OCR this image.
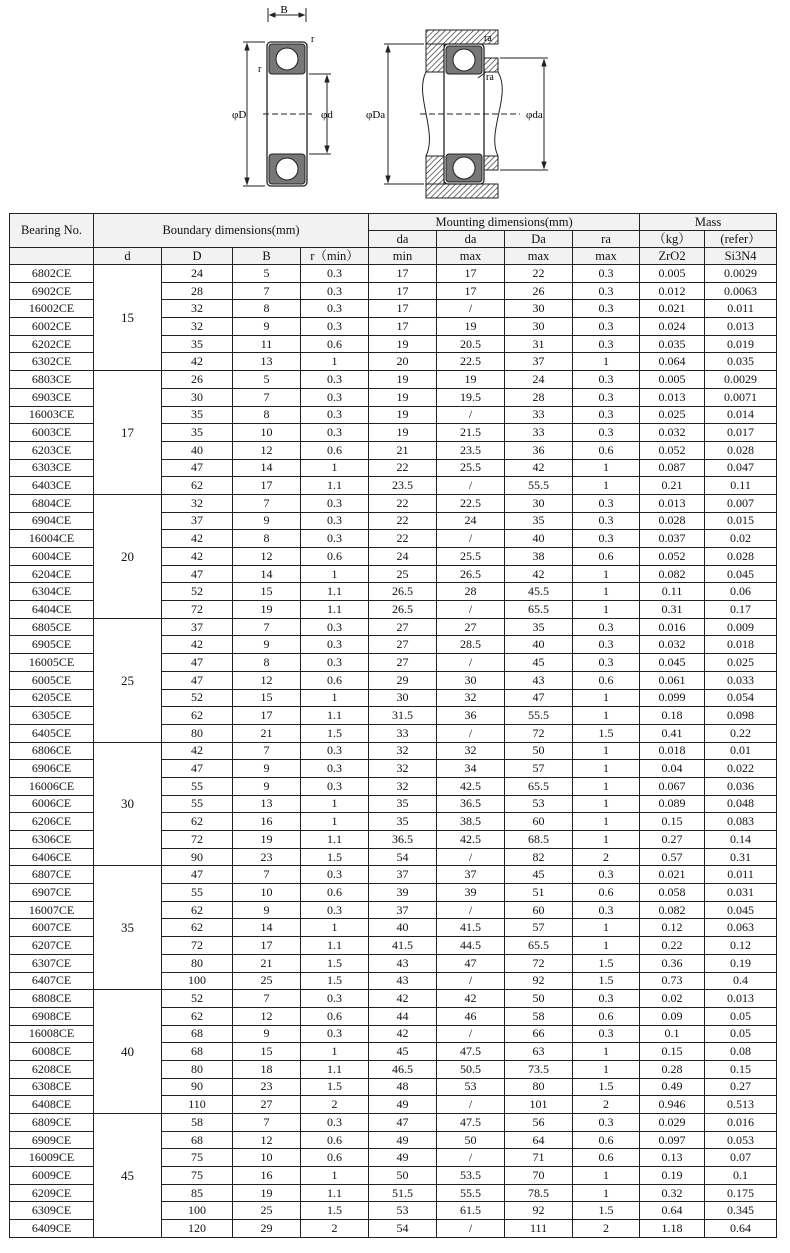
B
r
r
φD	φd
ra
ra
φDa	φda
Bearing No.	Boundary dimensions(mm)				Mounting dimensions(mm)				Mass	
					da	da	Da	ra	（kg）	(refer）
	d	D	B	r（min）	min	max	max	max	ZrO2	Si3N4
6802CE	15	24	5	0.3	17	17	22	0.3	0.005	0.0029
6902CE		28	7	0.3	17	17	26	0.3	0.012	0.0063
16002CE		32	8	0.3	17	/	30	0.3	0.021	0.011
6002CE		32	9	0.3	17	19	30	0.3	0.024	0.013
6202CE		35	11	0.6	19	20.5	31	0.3	0.035	0.019
6302CE		42	13	1	20	22.5	37	1	0.064	0.035
6803CE	17	26	5	0.3	19	19	24	0.3	0.005	0.0029
6903CE		30	7	0.3	19	19.5	28	0.3	0.013	0.0071
16003CE		35	8	0.3	19	/	33	0.3	0.025	0.014
6003CE		35	10	0.3	19	21.5	33	0.3	0.032	0.017
6203CE		40	12	0.6	21	23.5	36	0.6	0.052	0.028
6303CE		47	14	1	22	25.5	42	1	0.087	0.047
6403CE		62	17	1.1	23.5	/	55.5	1	0.21	0.11
6804CE	20	32	7	0.3	22	22.5	30	0.3	0.013	0.007
6904CE		37	9	0.3	22	24	35	0.3	0.028	0.015
16004CE		42	8	0.3	22	/	40	0.3	0.037	0.02
6004CE		42	12	0.6	24	25.5	38	0.6	0.052	0.028
6204CE		47	14	1	25	26.5	42	1	0.082	0.045
6304CE		52	15	1.1	26.5	28	45.5	1	0.11	0.06
6404CE		72	19	1.1	26.5	/	65.5	1	0.31	0.17
6805CE	25	37	7	0.3	27	27	35	0.3	0.016	0.009
6905CE		42	9	0.3	27	28.5	40	0.3	0.032	0.018
16005CE		47	8	0.3	27	/	45	0.3	0.045	0.025
6005CE		47	12	0.6	29	30	43	0.6	0.061	0.033
6205CE		52	15	1	30	32	47	1	0.099	0.054
6305CE		62	17	1.1	31.5	36	55.5	1	0.18	0.098
6405CE		80	21	1.5	33	/	72	1.5	0.41	0.22
6806CE	30	42	7	0.3	32	32	50	1	0.018	0.01
6906CE		47	9	0.3	32	34	57	1	0.04	0.022
16006CE		55	9	0.3	32	42.5	65.5	1	0.067	0.036
6006CE		55	13	1	35	36.5	53	1	0.089	0.048
6206CE		62	16	1	35	38.5	60	1	0.15	0.083
6306CE		72	19	1.1	36.5	42.5	68.5	1	0.27	0.14
6406CE		90	23	1.5	54	/	82	2	0.57	0.31
6807CE	35	47	7	0.3	37	37	45	0.3	0.021	0.011
6907CE		55	10	0.6	39	39	51	0.6	0.058	0.031
16007CE		62	9	0.3	37	/	60	0.3	0.082	0.045
6007CE		62	14	1	40	41.5	57	1	0.12	0.063
6207CE		72	17	1.1	41.5	44.5	65.5	1	0.22	0.12
6307CE		80	21	1.5	43	47	72	1.5	0.36	0.19
6407CE		100	25	1.5	43	/	92	1.5	0.73	0.4
6808CE	40	52	7	0.3	42	42	50	0.3	0.02	0.013
6908CE		62	12	0.6	44	46	58	0.6	0.09	0.05
16008CE		68	9	0.3	42	/	66	0.3	0.1	0.05
6008CE		68	15	1	45	47.5	63	1	0.15	0.08
6208CE		80	18	1.1	46.5	50.5	73.5	1	0.28	0.15
6308CE		90	23	1.5	48	53	80	1.5	0.49	0.27
6408CE		110	27	2	49	/	101	2	0.946	0.513
6809CE	45	58	7	0.3	47	47.5	56	0.3	0.029	0.016
6909CE		68	12	0.6	49	50	64	0.6	0.097	0.053
16009CE		75	10	0.6	49	/	71	0.6	0.13	0.07
6009CE		75	16	1	50	53.5	70	1	0.19	0.1
6209CE		85	19	1.1	51.5	55.5	78.5	1	0.32	0.175
6309CE		100	25	1.5	53	61.5	92	1.5	0.64	0.345
6409CE		120	29	2	54	/	111	2	1.18	0.64
